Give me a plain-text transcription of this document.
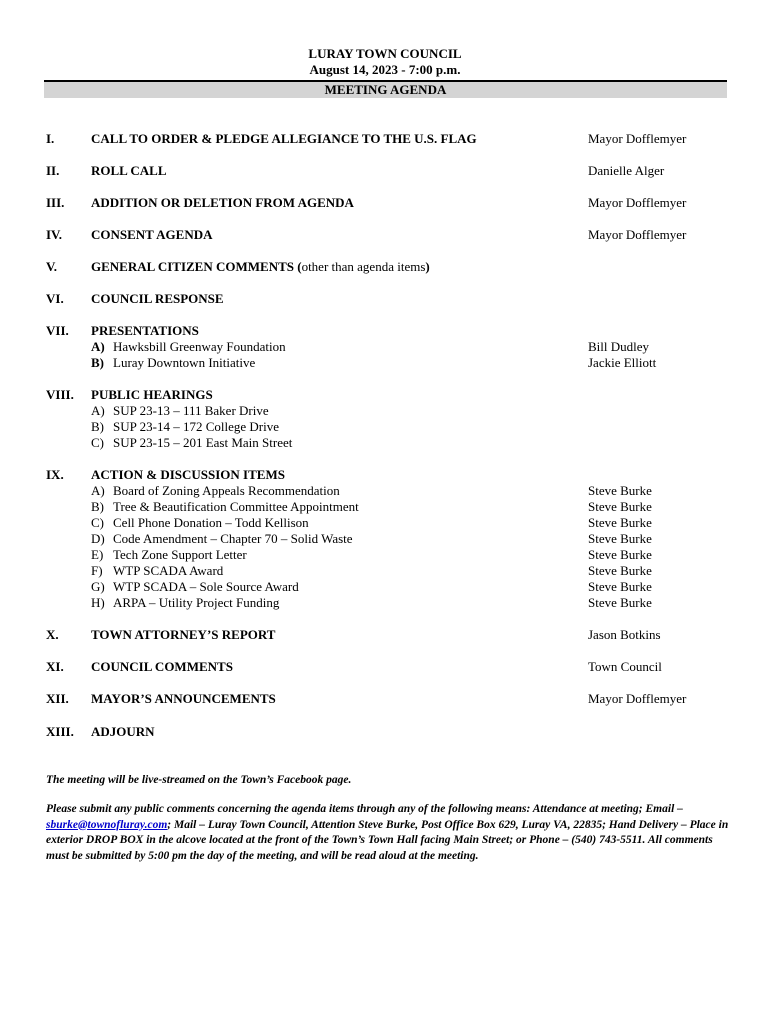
LURAY TOWN COUNCIL
August 14, 2023 - 7:00 p.m.
MEETING AGENDA
I.	CALL TO ORDER & PLEDGE ALLEGIANCE TO THE U.S. FLAG	Mayor Dofflemyer
II. ROLL CALL	Danielle Alger
III. ADDITION OR DELETION FROM AGENDA	Mayor Dofflemyer
IV. CONSENT AGENDA	Mayor Dofflemyer
V.	GENERAL CITIZEN COMMENTS (other than agenda items)
VI. COUNCIL RESPONSE
VII. PRESENTATIONS
A) Hawksbill Greenway Foundation	Bill Dudley
B) Luray Downtown Initiative	Jackie Elliott
VIII. PUBLIC HEARINGS
A) SUP 23-13 – 111 Baker Drive
B) SUP 23-14 – 172 College Drive
C) SUP 23-15 – 201 East Main Street
IX. ACTION & DISCUSSION ITEMS
A) Board of Zoning Appeals Recommendation	Steve Burke
B) Tree & Beautification Committee Appointment	Steve Burke
C) Cell Phone Donation – Todd Kellison	Steve Burke
D) Code Amendment – Chapter 70 – Solid Waste	Steve Burke
E) Tech Zone Support Letter	Steve Burke
F) WTP SCADA Award	Steve Burke
G) WTP SCADA – Sole Source Award	Steve Burke
H) ARPA – Utility Project Funding	Steve Burke
X. TOWN ATTORNEY’S REPORT	Jason Botkins
XI. COUNCIL COMMENTS	Town Council
XII. MAYOR’S ANNOUNCEMENTS	Mayor Dofflemyer
XIII. ADJOURN
The meeting will be live-streamed on the Town’s Facebook page.
Please submit any public comments concerning the agenda items through any of the following means: Attendance at meeting; Email – sburke@townofluray.com; Mail – Luray Town Council, Attention Steve Burke, Post Office Box 629, Luray VA, 22835; Hand Delivery – Place in exterior DROP BOX in the alcove located at the front of the Town’s Town Hall facing Main Street; or Phone – (540) 743-5511. All comments must be submitted by 5:00 pm the day of the meeting, and will be read aloud at the meeting.
